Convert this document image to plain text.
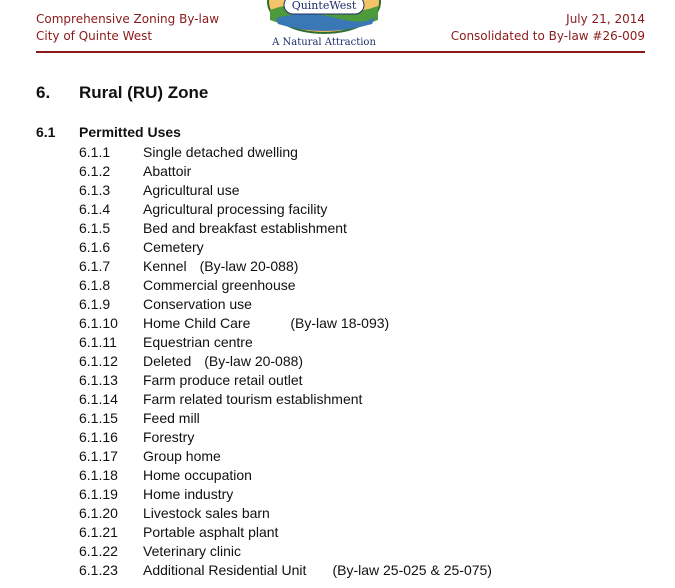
Comprehensive Zoning By-law
City of Quinte West
QuinteWest
A Natural Attraction
July 21, 2014
Consolidated to By-law #26-009
6. Rural (RU) Zone
6.1 Permitted Uses
6.1.1 Single detached dwelling
6.1.2 Abattoir
6.1.3 Agricultural use
6.1.4 Agricultural processing facility
6.1.5 Bed and breakfast establishment
6.1.6 Cemetery
6.1.7 Kennel (By-law 20-088)
6.1.8 Commercial greenhouse
6.1.9 Conservation use
6.1.10 Home Child Care	(By-law 18-093)
6.1.11 Equestrian centre
6.1.12 Deleted (By-law 20-088)
6.1.13 Farm produce retail outlet
6.1.14 Farm related tourism establishment
6.1.15 Feed mill
6.1.16 Forestry
6.1.17 Group home
6.1.18 Home occupation
6.1.19 Home industry
6.1.20 Livestock sales barn
6.1.21 Portable asphalt plant
6.1.22 Veterinary clinic
6.1.23 Additional Residential Unit (By-law 25-025 & 25-075)
